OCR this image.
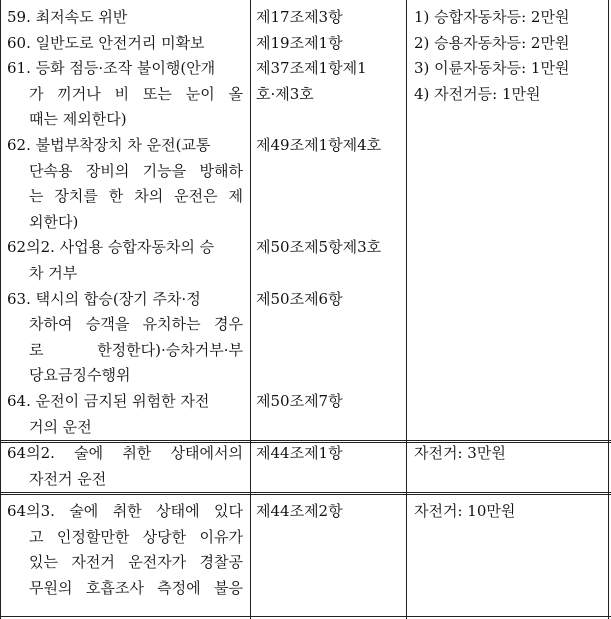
59. 최저속도 위반
60. 일반도로 안전거리 미확보
61. 등화 점등·조작 불이행(안개
가 끼거나 비 또는 눈이 올
때는 제외한다)
62. 불법부착장치 차 운전(교통
단속용 장비의 기능을 방해하
는 장치를 한 차의 운전은 제
외한다)
62의2. 사업용 승합자동차의 승
차 거부
63. 택시의 합승(장기 주차·정
차하여 승객을 유치하는 경우
로 한정한다)·승차거부·부
당요금징수행위
64. 운전이 금지된 위험한 자전
거의 운전
제17조제3항
제19조제1항
제37조제1항제1
호·제3호

제49조제1항제4호

제50조제5항제3호

제50조제6항

제50조제7항
1) 승합자동차등: 2만원
2) 승용자동차등: 2만원
3) 이륜자동차등: 1만원
4) 자전거등: 1만원
64의2. 술에 취한 상태에서의
자전거 운전
제44조제1항	자전거: 3만원
64의3. 술에 취한 상태에 있다
고 인정할만한 상당한 이유가
있는 자전거 운전자가 경찰공
무원의 호흡조사 측정에 불응
제44조제2항	자전거: 10만원
